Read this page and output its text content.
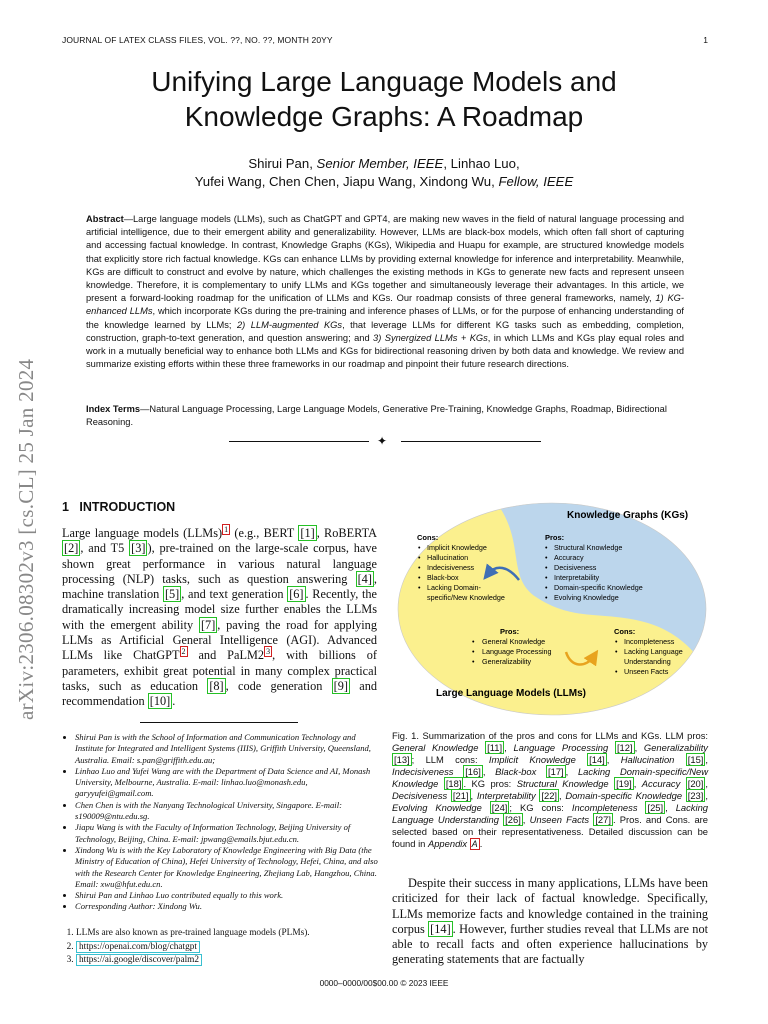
JOURNAL OF LATEX CLASS FILES, VOL. ??, NO. ??, MONTH 20YY	1
Unifying Large Language Models and
Knowledge Graphs: A Roadmap
Shirui Pan, Senior Member, IEEE, Linhao Luo,
Yufei Wang, Chen Chen, Jiapu Wang, Xindong Wu, Fellow, IEEE
Abstract—Large language models (LLMs), such as ChatGPT and GPT4, are making new waves in the field of natural language processing and artificial intelligence, due to their emergent ability and generalizability. However, LLMs are black-box models, which often fall short of capturing and accessing factual knowledge. In contrast, Knowledge Graphs (KGs), Wikipedia and Huapu for example, are structured knowledge models that explicitly store rich factual knowledge. KGs can enhance LLMs by providing external knowledge for inference and interpretability. Meanwhile, KGs are difficult to construct and evolve by nature, which challenges the existing methods in KGs to generate new facts and represent unseen knowledge. Therefore, it is complementary to unify LLMs and KGs together and simultaneously leverage their advantages. In this article, we present a forward-looking roadmap for the unification of LLMs and KGs. Our roadmap consists of three general frameworks, namely, 1) KG-enhanced LLMs, which incorporate KGs during the pre-training and inference phases of LLMs, or for the purpose of enhancing understanding of the knowledge learned by LLMs; 2) LLM-augmented KGs, that leverage LLMs for different KG tasks such as embedding, completion, construction, graph-to-text generation, and question answering; and 3) Synergized LLMs + KGs, in which LLMs and KGs play equal roles and work in a mutually beneficial way to enhance both LLMs and KGs for bidirectional reasoning driven by both data and knowledge. We review and summarize existing efforts within these three frameworks in our roadmap and pinpoint their future research directions.
Index Terms—Natural Language Processing, Large Language Models, Generative Pre-Training, Knowledge Graphs, Roadmap, Bidirectional Reasoning.
✦
arXiv:2306.08302v3 [cs.CL] 25 Jan 2024 1 INTRODUCTION
Large language models (LLMs) $^1$ (e.g., BERT [1] , RoBERTA [2] , and T5 [3] ), pre-trained on the large-scale corpus, have shown great performance in various natural language processing (NLP) tasks, such as question answering [4] , machine translation [5] , and text generation [6] . Recently, the dramatically increasing model size further enables the LLMs with the emergent ability [7] , paving the road for applying LLMs as Artificial General Intelligence (AGI). Advanced LLMs like ChatGPT $^2$ and PaLM2 $^3$ , with billions of parameters, exhibit great potential in many complex practical tasks, such as education [8] , code generation [9] and recommendation [10] .
• Shirui Pan is with the School of Information and Communication Technology and Institute for Integrated and Intelligent Systems (IIIS), Griffith University, Queensland, Australia. Email: s.pan@griffith.edu.au;
• Linhao Luo and Yufei Wang are with the Department of Data Science and AI, Monash University, Melbourne, Australia. E-mail: linhao.luo@monash.edu, garyyufei@gmail.com.
• Chen Chen is with the Nanyang Technological University, Singapore. E-mail: s190009@ntu.edu.sg.
• Jiapu Wang is with the Faculty of Information Technology, Beijing University of Technology, Beijing, China. E-mail: jpwang@emails.bjut.edu.cn.
• Xindong Wu is with the Key Laboratory of Knowledge Engineering with Big Data (the Ministry of Education of China), Hefei University of Technology, Hefei, China, and also with the Research Center for Knowledge Engineering, Zhejiang Lab, Hangzhou, China. Email: xwu@hfut.edu.cn.
• Shirui Pan and Linhao Luo contributed equally to this work.
• Corresponding Author: Xindong Wu.
1. LLMs are also known as pre-trained language models (PLMs).
2. https://openai.com/blog/chatgpt
3. https://ai.google/discover/palm2
Knowledge Graphs (KGs)
Large Language Models (LLMs)
Cons:
• Implicit Knowledge
• Hallucination
• Indecisiveness
• Black-box
• Lacking Domain-
specific/New Knowledge
Pros:
• Structural Knowledge
• Accuracy
• Decisiveness
• Interpretability
• Domain-specific Knowledge
• Evolving Knowledge
Pros:
• General Knowledge
• Language Processing
• Generalizability
Cons:
• Incompleteness
• Lacking Language
Understanding
• Unseen Facts
Fig. 1. Summarization of the pros and cons for LLMs and KGs. LLM pros: General Knowledge [11] , Language Processing [12] , Generalizability [13] ; LLM cons: Implicit Knowledge [14] , Hallucination [15] , Indecisiveness [16] , Black-box [17] , Lacking Domain-specific/New Knowledge [18] . KG pros: Structural Knowledge [19] , Accuracy [20] , Decisiveness [21] , Interpretability [22] , Domain-specific Knowledge [23] , Evolving Knowledge [24] ; KG cons: Incompleteness [25] , Lacking Language Understanding [26] , Unseen Facts [27] . Pros. and Cons. are selected based on their representativeness. Detailed discussion can be found in Appendix A .
Despite their success in many applications, LLMs have been criticized for their lack of factual knowledge. Specifically, LLMs memorize facts and knowledge contained in the training corpus [14] . However, further studies reveal that LLMs are not able to recall facts and often experience hallucinations by generating statements that are factually
0000–0000/00$00.00 © 2023 IEEE
